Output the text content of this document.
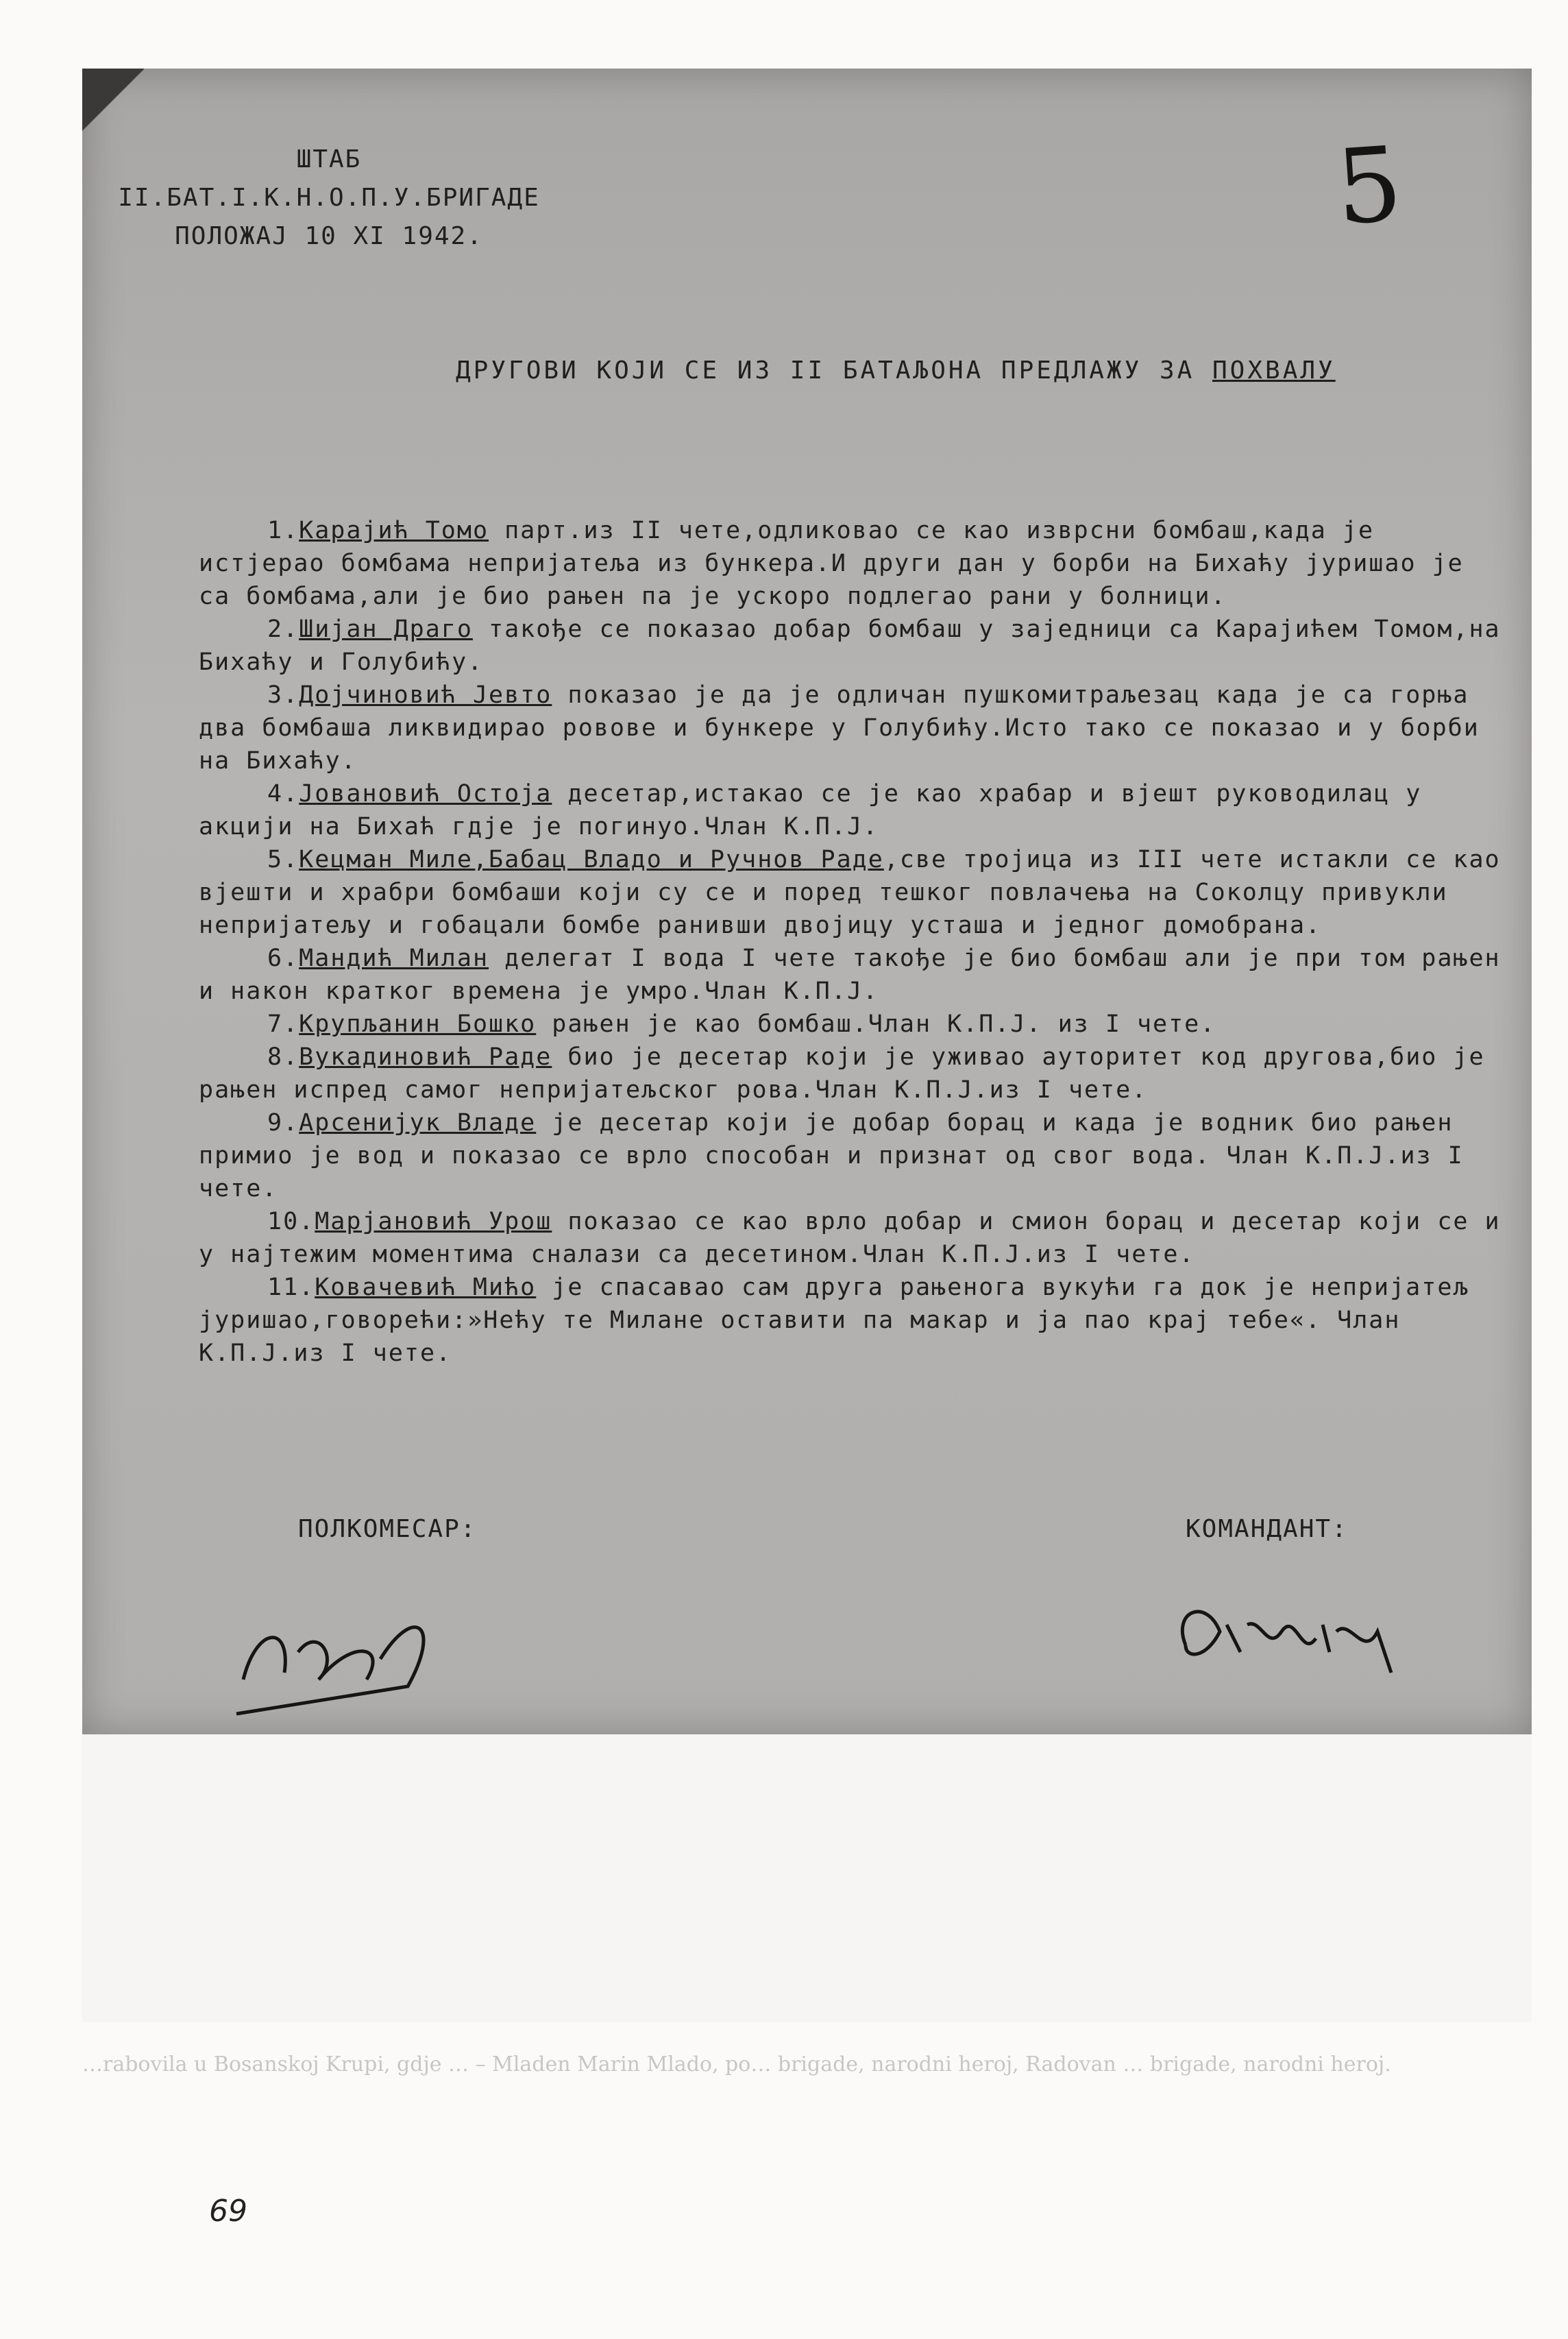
ШТАБ
II.БАТ.I.К.Н.О.П.У.БРИГАДЕ
ПОЛОЖАЈ 10 XI 1942.	5
ДРУГОВИ КОЈИ СЕ ИЗ II БАТАЉОНА ПРЕДЛАЖУ ЗА ПОХВАЛУ

1.Карајић Томо парт.из II чете,одликовао се као изврсни бомбаш,када је истјерао бомбама непријатеља из бункера.И други дан у борби на Бихаћу јуришао је са бомбама,али је био рањен па је ускоро подлегао рани у болници.

2.Шијан Драго такође се показао добар бомбаш у заједници са Карајићем Томом,на Бихаћу и Голубићу.

3.Дојчиновић Јевто показао је да је одличан пушкомитраљезац када је са горња два бомбаша ликвидирао ровове и бункере у Голубићу.Исто тако се показао и у борби на Бихаћу.

4.Јовановић Остоја десетар,истакао се је као храбар и вјешт руководилац у акцији на Бихаћ гдје је погинуо.Члан К.П.J.

5.Кецман Миле,Бабац Владо и Ручнов Раде,све тројица из III чете истакли се као вјешти и храбри бомбаши који су се и поред тешког повлачења на Соколцу привукли непријатељу и гобацали бомбе ранивши двојицу усташа и једног домобрана.

6.Мандић Милан делегат I вода I чете такође је био бомбаш али је при том рањен и након кратког времена је умро.Члан К.П.J.

7.Крупљанин Бошко рањен је као бомбаш.Члан К.П.J. из I чете.

8.Вукадиновић Раде био је десетар који је уживао ауторитет код другова,био је рањен испред самог непријатељског рова.Члан К.П.J.из I чете.

9.Арсенијук Владе је десетар који је добар борац и када је водник био рањен примио је вод и показао се врло способан и признат од свог вода. Члан К.П.J.из I чете.

10.Марјановић Урош показао се као врло добар и смион борац и десетар који се и у најтежим моментима сналази са десетином.Члан К.П.J.из I чете.

11.Ковачевић Мићо је спасавао сам друга рањенога вукући га док је непријатељ јуришао,говорећи:»Нећу те Милане оставити па макар и ја пао крај тебе«. Члан К.П.J.из I чете.

ПОЛКОМЕСАР:	КОМАНДАНТ:
…rabovila u Bosanskoj Krupi, gdje … – Mladen Marin Mlado, po… brigade, narodni heroj, Radovan … brigade, narodni heroj.
69
